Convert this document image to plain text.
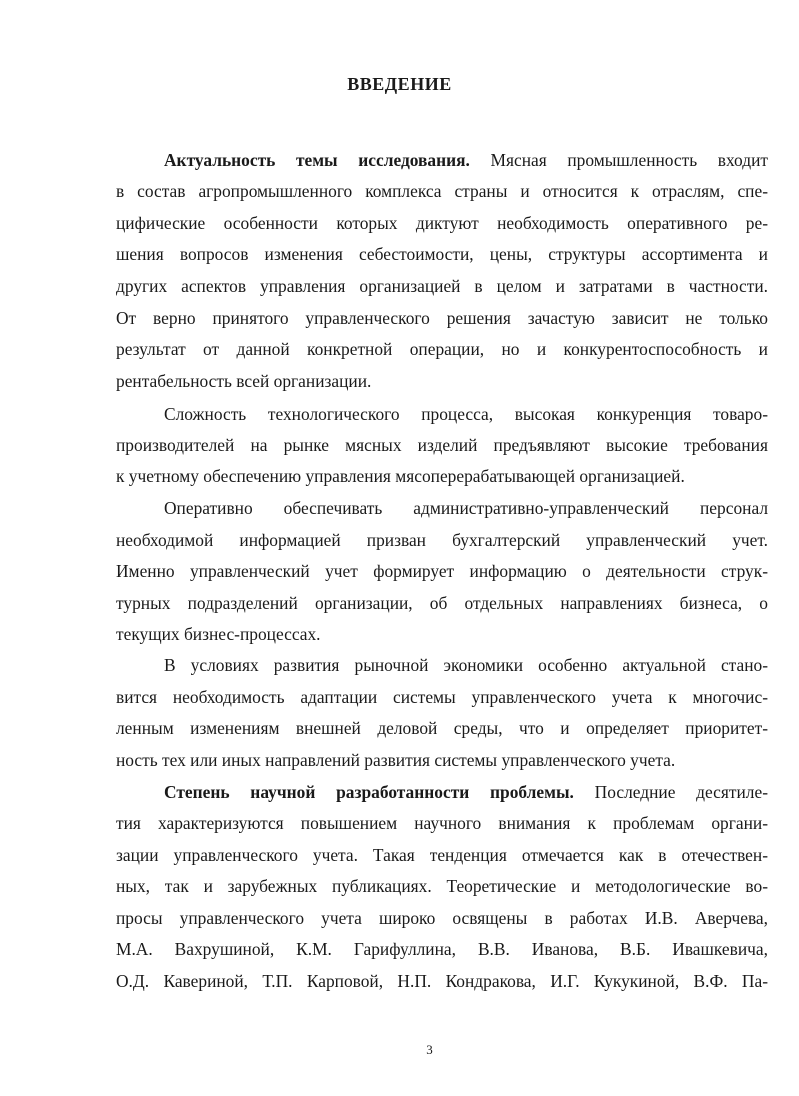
ВВЕДЕНИЕ
Актуальность темы исследования. Мясная промышленность входит
в состав агропромышленного комплекса страны и относится к отраслям, спе-
цифические особенности которых диктуют необходимость оперативного ре-
шения вопросов изменения себестоимости, цены, структуры ассортимента и
других аспектов управления организацией в целом и затратами в частности.
От верно принятого управленческого решения зачастую зависит не только
результат от данной конкретной операции, но и конкурентоспособность и
рентабельность всей организации.
Сложность технологического процесса, высокая конкуренция товаро-
производителей на рынке мясных изделий предъявляют высокие требования
к учетному обеспечению управления мясоперерабатывающей организацией.
Оперативно обеспечивать административно-управленческий персонал
необходимой информацией призван бухгалтерский управленческий учет.
Именно управленческий учет формирует информацию о деятельности струк-
турных подразделений организации, об отдельных направлениях бизнеса, о
текущих бизнес-процессах.
В условиях развития рыночной экономики особенно актуальной стано-
вится необходимость адаптации системы управленческого учета к многочис-
ленным изменениям внешней деловой среды, что и определяет приоритет-
ность тех или иных направлений развития системы управленческого учета.
Степень научной разработанности проблемы. Последние десятиле-
тия характеризуются повышением научного внимания к проблемам органи-
зации управленческого учета. Такая тенденция отмечается как в отечествен-
ных, так и зарубежных публикациях. Теоретические и методологические во-
просы управленческого учета широко освящены в работах И.В. Аверчева,
М.А. Вахрушиной, К.М. Гарифуллина, В.В. Иванова, В.Б. Ивашкевича,
О.Д. Кавериной, Т.П. Карповой, Н.П. Кондракова, И.Г. Кукукиной, В.Ф. Па-
3
